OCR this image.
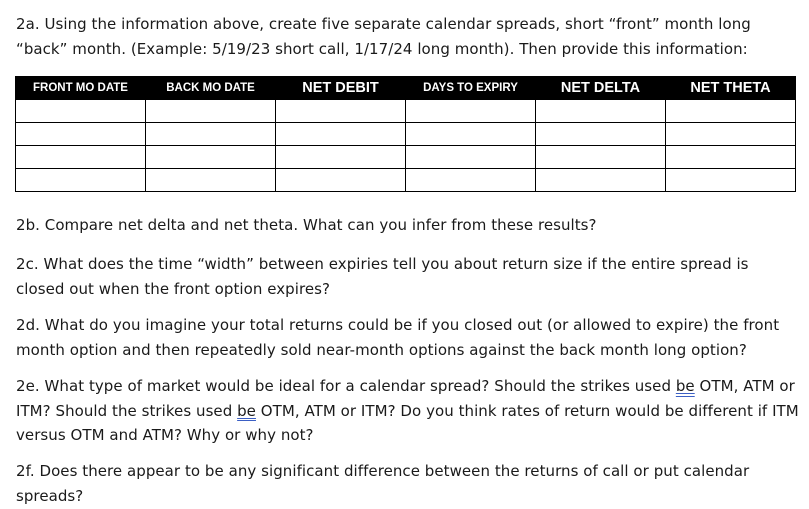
2a. Using the information above, create five separate calendar spreads, short “front” month long “back” month. (Example: 5/19/23 short call, 1/17/24 long month). Then provide this information:
FRONT MO DATE	BACK MO DATE	NET DEBIT	DAYS TO EXPIRY	NET DELTA	NET THETA

2b. Compare net delta and net theta. What can you infer from these results?
2c. What does the time “width” between expiries tell you about return size if the entire spread is closed out when the front option expires?
2d. What do you imagine your total returns could be if you closed out (or allowed to expire) the front month option and then repeatedly sold near-month options against the back month long option?
2e. What type of market would be ideal for a calendar spread? Should the strikes used be OTM, ATM or ITM? Should the strikes used be OTM, ATM or ITM? Do you think rates of return would be different if ITM versus OTM and ATM? Why or why not?
2f. Does there appear to be any significant difference between the returns of call or put calendar spreads?
